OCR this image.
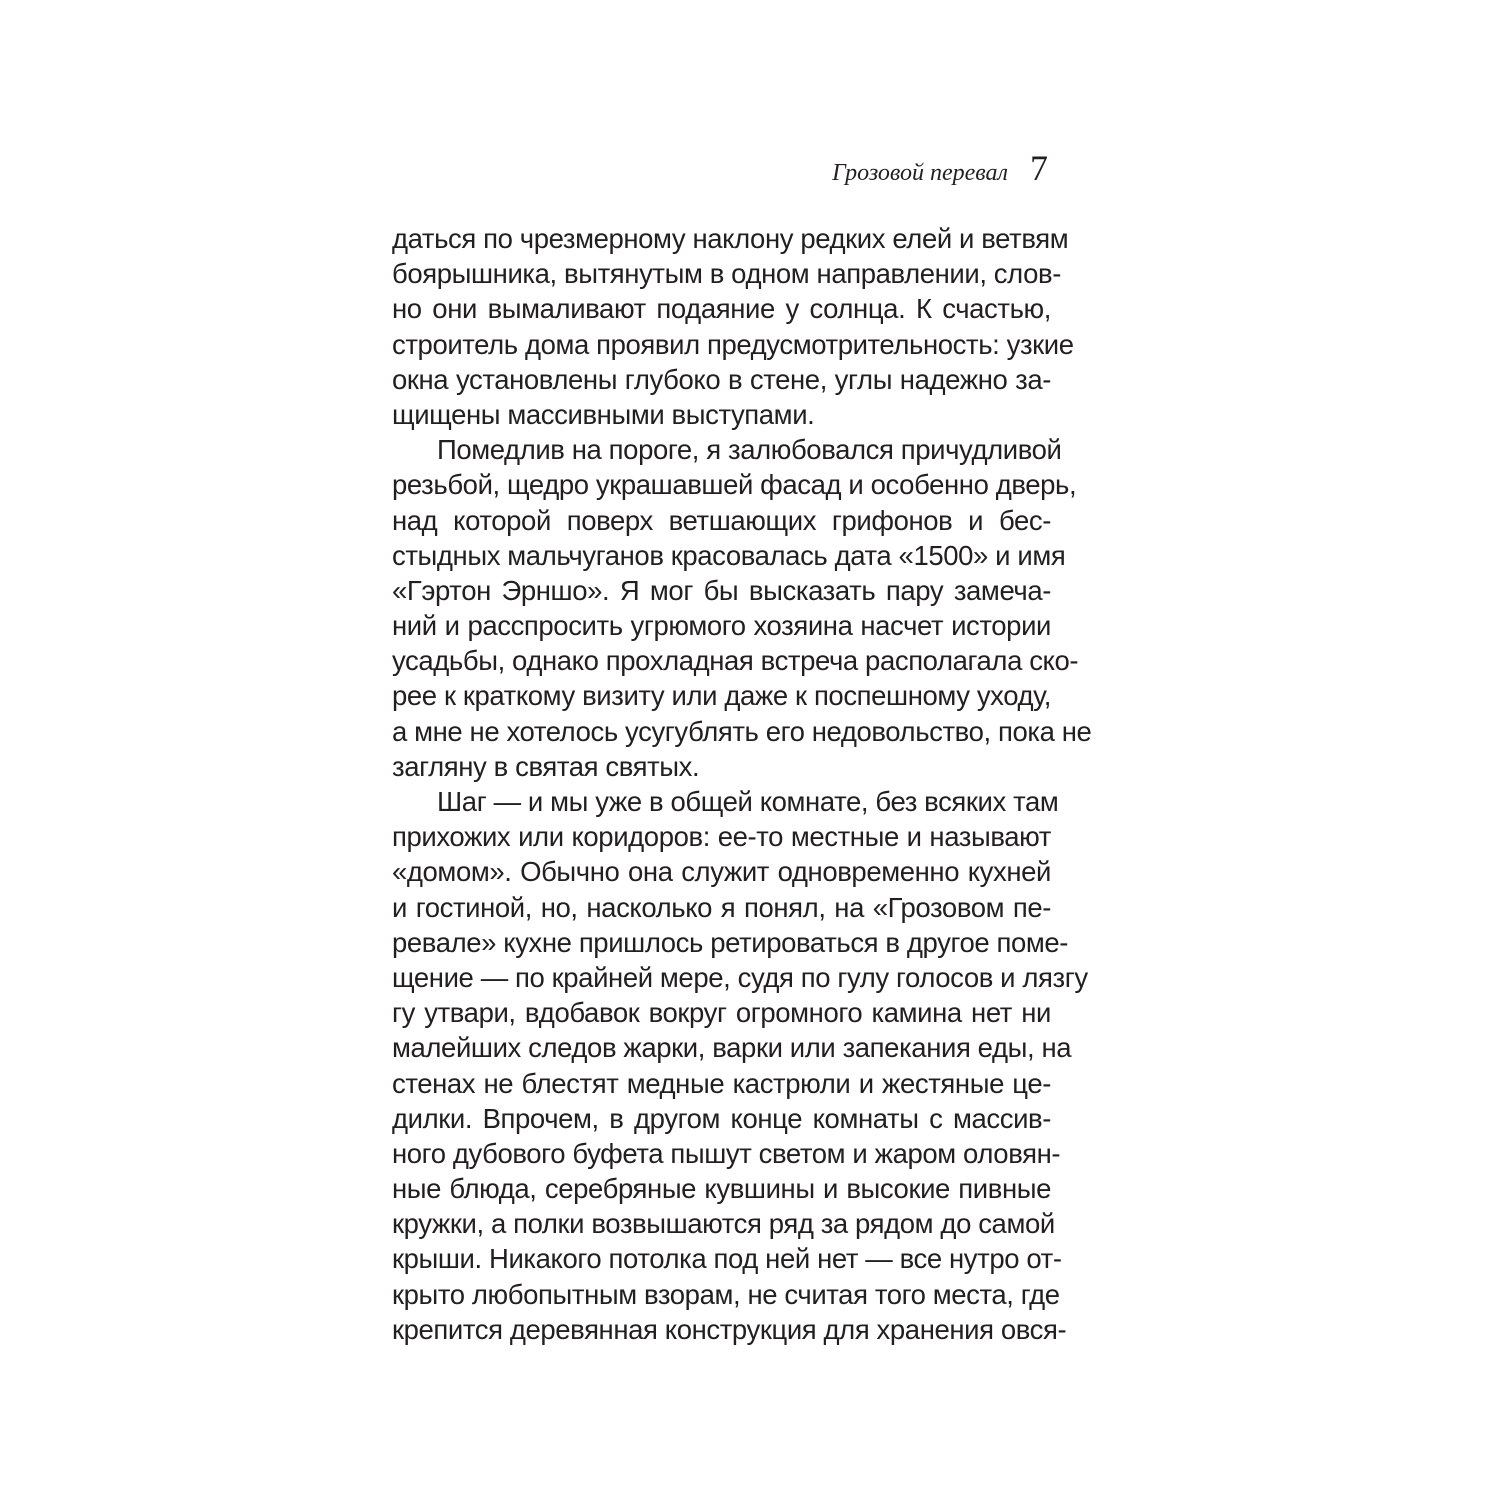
Грозовой перевал 7
даться по чрезмерному наклону редких елей и ветвям
боярышника, вытянутым в одном направлении, слов-
но они вымаливают подаяние у солнца. К счастью,
строитель дома проявил предусмотрительность: узкие
окна установлены глубоко в стене, углы надежно за-
щищены массивными выступами.
Помедлив на пороге, я залюбовался причудливой
резьбой, щедро украшавшей фасад и особенно дверь,
над которой поверх ветшающих грифонов и бес-
стыдных мальчуганов красовалась дата «1500» и имя
«Гэртон Эрншо». Я мог бы высказать пару замеча-
ний и расспросить угрюмого хозяина насчет истории
усадьбы, однако прохладная встреча располагала ско-
рее к краткому визиту или даже к поспешному уходу,
а мне не хотелось усугублять его недовольство, пока не
загляну в святая святых.
Шаг — и мы уже в общей комнате, без всяких там
прихожих или коридоров: ее-то местные и называют
«домом». Обычно она служит одновременно кухней
и гостиной, но, насколько я понял, на «Грозовом пе-
ревале» кухне пришлось ретироваться в другое поме-
щение — по крайней мере, судя по гулу голосов и лязгу
гу утвари, вдобавок вокруг огромного камина нет ни
малейших следов жарки, варки или запекания еды, на
стенах не блестят медные кастрюли и жестяные це-
дилки. Впрочем, в другом конце комнаты с массив-
ного дубового буфета пышут светом и жаром оловян-
ные блюда, серебряные кувшины и высокие пивные
кружки, а полки возвышаются ряд за рядом до самой
крыши. Никакого потолка под ней нет — все нутро от-
крыто любопытным взорам, не считая того места, где
крепится деревянная конструкция для хранения овся-
